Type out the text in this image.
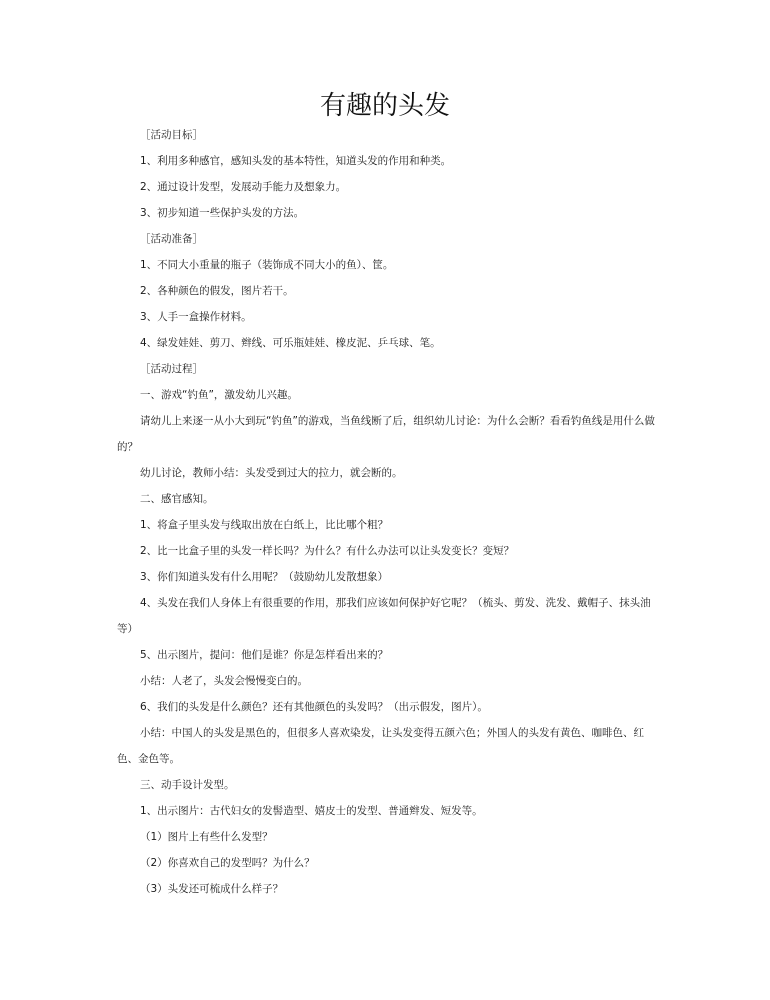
有趣的头发

［活动目标］

1、利用多种感官，感知头发的基本特性，知道头发的作用和种类。

2、通过设计发型，发展动手能力及想象力。

3、初步知道一些保护头发的方法。

［活动准备］

1、不同大小重量的瓶子（装饰成不同大小的鱼）、筐。

2、各种颜色的假发，图片若干。

3、人手一盒操作材料。

4、绿发娃娃、剪刀、辫线、可乐瓶娃娃、橡皮泥、乒乓球、笔。

［活动过程］

一、游戏“钓鱼”，激发幼儿兴趣。

请幼儿上来逐一从小大到玩“钓鱼”的游戏，当鱼线断了后，组织幼儿讨论：为什么会断？看看钓鱼线是用什么做的？

幼儿讨论，教师小结：头发受到过大的拉力，就会断的。

二、感官感知。

1、将盒子里头发与线取出放在白纸上，比比哪个粗？

2、比一比盒子里的头发一样长吗？为什么？有什么办法可以让头发变长？变短？

3、你们知道头发有什么用呢？（鼓励幼儿发散想象）

4、头发在我们人身体上有很重要的作用，那我们应该如何保护好它呢？（梳头、剪发、洗发、戴帽子、抹头油等）

5、出示图片，提问：他们是谁？你是怎样看出来的？

小结：人老了，头发会慢慢变白的。

6、我们的头发是什么颜色？还有其他颜色的头发吗？（出示假发，图片）。

小结：中国人的头发是黑色的，但很多人喜欢染发，让头发变得五颜六色；外国人的头发有黄色、咖啡色、红色、金色等。

三、动手设计发型。

1、出示图片：古代妇女的发髻造型、嬉皮士的发型、普通辫发、短发等。

（1）图片上有些什么发型？

（2）你喜欢自己的发型吗？为什么？

（3）头发还可梳成什么样子？
